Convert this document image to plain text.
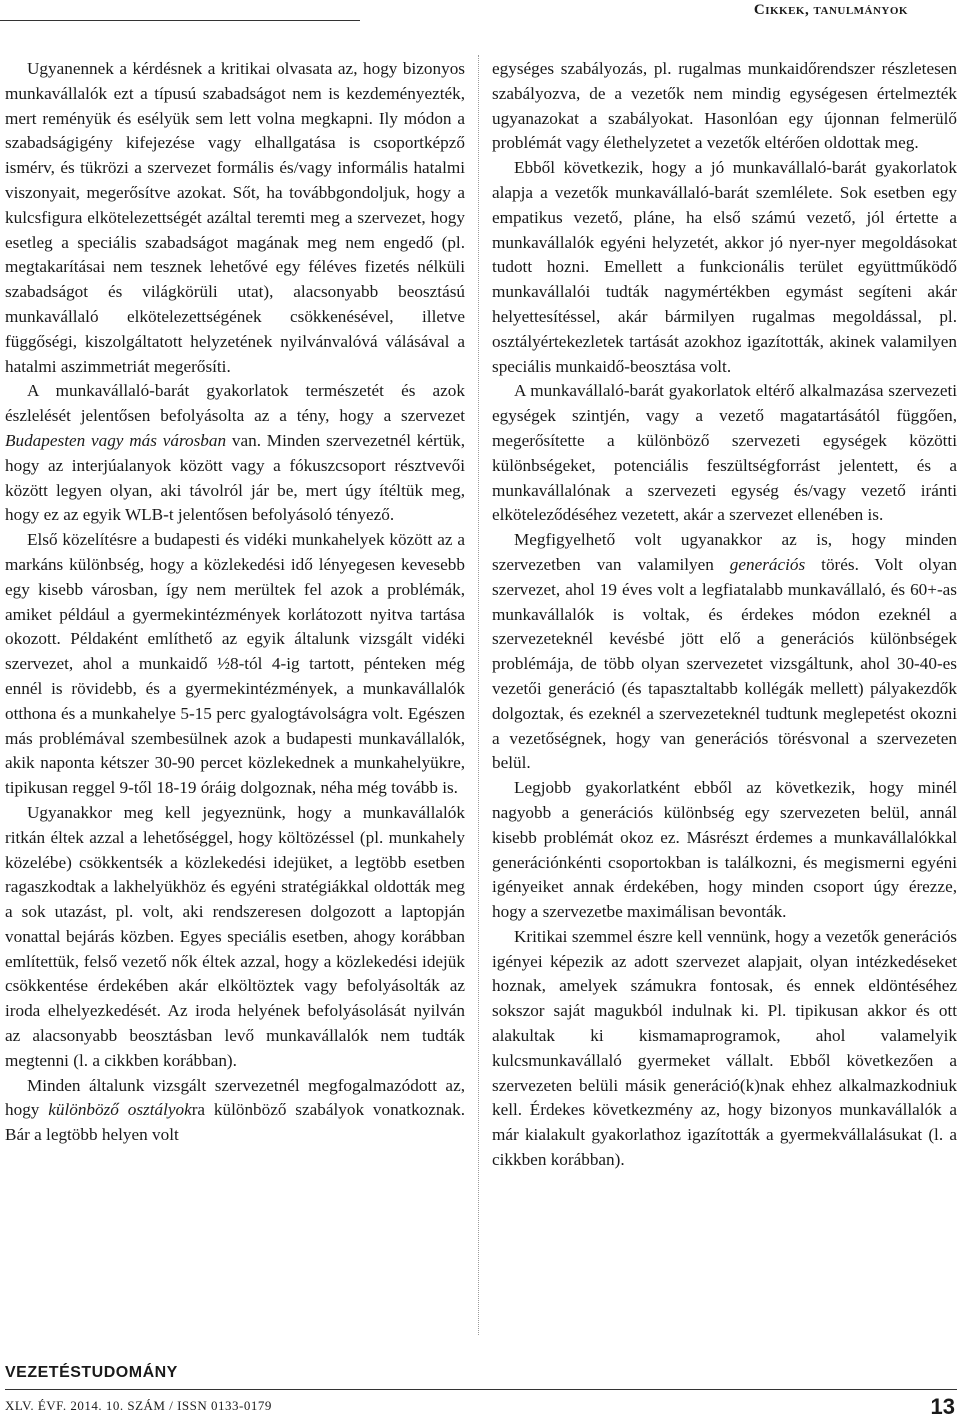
Cikkek, tanulmányok

Ugyanennek a kérdésnek a kritikai olvasata az, hogy bizonyos munkavállalók ezt a típusú szabadságot nem is kezdeményezték, mert reményük és esélyük sem lett volna megkapni. Ily módon a szabadságigény kifejezése vagy elhallgatása is csoportképző ismérv, és tükrözi a szervezet formális és/vagy informális hatalmi viszonyait, megerősítve azokat. Sőt, ha továbbgondoljuk, hogy a kulcsfigura elkötelezettségét azáltal teremti meg a szervezet, hogy esetleg a speciális szabadságot magának meg nem engedő (pl. megtakarításai nem tesznek lehetővé egy féléves fizetés nélküli szabadságot és világkörüli utat), alacsonyabb beosztású munkavállaló elkötelezettségének csökkenésével, illetve függőségi, kiszolgáltatott helyzetének nyilvánvalóvá válásával a hatalmi aszimmetriát megerősíti.

A munkavállaló-barát gyakorlatok természetét és azok észlelését jelentősen befolyásolta az a tény, hogy a szervezet Budapesten vagy más városban van. Minden szervezetnél kértük, hogy az interjúalanyok között vagy a fókuszcsoport résztvevői között legyen olyan, aki távolról jár be, mert úgy ítéltük meg, hogy ez az egyik WLB-t jelentősen befolyásoló tényező.

Első közelítésre a budapesti és vidéki munkahelyek között az a markáns különbség, hogy a közlekedési idő lényegesen kevesebb egy kisebb városban, így nem merültek fel azok a problémák, amiket például a gyermekintézmények korlátozott nyitva tartása okozott. Példaként említhető az egyik általunk vizsgált vidéki szervezet, ahol a munkaidő ½8-tól 4-ig tartott, pénteken még ennél is rövidebb, és a gyermekintézmények, a munkavállalók otthona és a munkahelye 5-15 perc gyalogtávolságra volt. Egészen más problémával szembesülnek azok a budapesti munkavállalók, akik naponta kétszer 30-90 percet közlekednek a munkahelyükre, tipikusan reggel 9-től 18-19 óráig dolgoznak, néha még tovább is.

Ugyanakkor meg kell jegyeznünk, hogy a munkavállalók ritkán éltek azzal a lehetőséggel, hogy költözéssel (pl. munkahely közelébe) csökkentsék a közlekedési idejüket, a legtöbb esetben ragaszkodtak a lakhelyükhöz és egyéni stratégiákkal oldották meg a sok utazást, pl. volt, aki rendszeresen dolgozott a laptopján vonattal bejárás közben. Egyes speciális esetben, ahogy korábban említettük, felső vezető nők éltek azzal, hogy a közlekedési idejük csökkentése érdekében akár elköltöztek vagy befolyásolták az iroda elhelyezkedését. Az iroda helyének befolyásolását nyilván az alacsonyabb beosztásban levő munkavállalók nem tudták megtenni (l. a cikkben korábban).

Minden általunk vizsgált szervezetnél megfogalmazódott az, hogy különböző osztályokra különböző szabályok vonatkoznak. Bár a legtöbb helyen volt

egységes szabályozás, pl. rugalmas munkaidőrendszer részletesen szabályozva, de a vezetők nem mindig egységesen értelmezték ugyanazokat a szabályokat. Hasonlóan egy újonnan felmerülő problémát vagy élethelyzetet a vezetők eltérően oldottak meg.

Ebből következik, hogy a jó munkavállaló-barát gyakorlatok alapja a vezetők munkavállaló-barát szemlélete. Sok esetben egy empatikus vezető, pláne, ha első számú vezető, jól értette a munkavállalók egyéni helyzetét, akkor jó nyer-nyer megoldásokat tudott hozni. Emellett a funkcionális terület együttműködő munkavállalói tudták nagymértékben egymást segíteni akár helyettesítéssel, akár bármilyen rugalmas megoldással, pl. osztályértekezletek tartását azokhoz igazították, akinek valamilyen speciális munkaidő-beosztása volt.

A munkavállaló-barát gyakorlatok eltérő alkalmazása szervezeti egységek szintjén, vagy a vezető magatartásától függően, megerősítette a különböző szervezeti egységek közötti különbségeket, potenciális feszültségforrást jelentett, és a munkavállalónak a szervezeti egység és/vagy vezető iránti elköteleződéséhez vezetett, akár a szervezet ellenében is.

Megfigyelhető volt ugyanakkor az is, hogy minden szervezetben van valamilyen generációs törés. Volt olyan szervezet, ahol 19 éves volt a legfiatalabb munkavállaló, és 60+-as munkavállalók is voltak, és érdekes módon ezeknél a szervezeteknél kevésbé jött elő a generációs különbségek problémája, de több olyan szervezetet vizsgáltunk, ahol 30-40-es vezetői generáció (és tapasztaltabb kollégák mellett) pályakezdők dolgoztak, és ezeknél a szervezeteknél tudtunk meglepetést okozni a vezetőségnek, hogy van generációs törésvonal a szervezeten belül.

Legjobb gyakorlatként ebből az következik, hogy minél nagyobb a generációs különbség egy szervezeten belül, annál kisebb problémát okoz ez. Másrészt érdemes a munkavállalókkal generációnkénti csoportokban is találkozni, és megismerni egyéni igényeiket annak érdekében, hogy minden csoport úgy érezze, hogy a szervezetbe maximálisan bevonták.

Kritikai szemmel észre kell vennünk, hogy a vezetők generációs igényei képezik az adott szervezet alapjait, olyan intézkedéseket hoznak, amelyek számukra fontosak, és ennek eldöntéséhez sokszor saját magukból indulnak ki. Pl. tipikusan akkor és ott alakultak ki kismamaprogramok, ahol valamelyik kulcsmunkavállaló gyermeket vállalt. Ebből következően a szervezeten belüli másik generáció(k)nak ehhez alkalmazkodniuk kell. Érdekes következmény az, hogy bizonyos munkavállalók a már kialakult gyakorlathoz igazították a gyermekvállalásukat (l. a cikkben korábban).

VEZETÉSTUDOMÁNY
XLV. ÉVF. 2014. 10. SZÁM / ISSN 0133-0179	13
